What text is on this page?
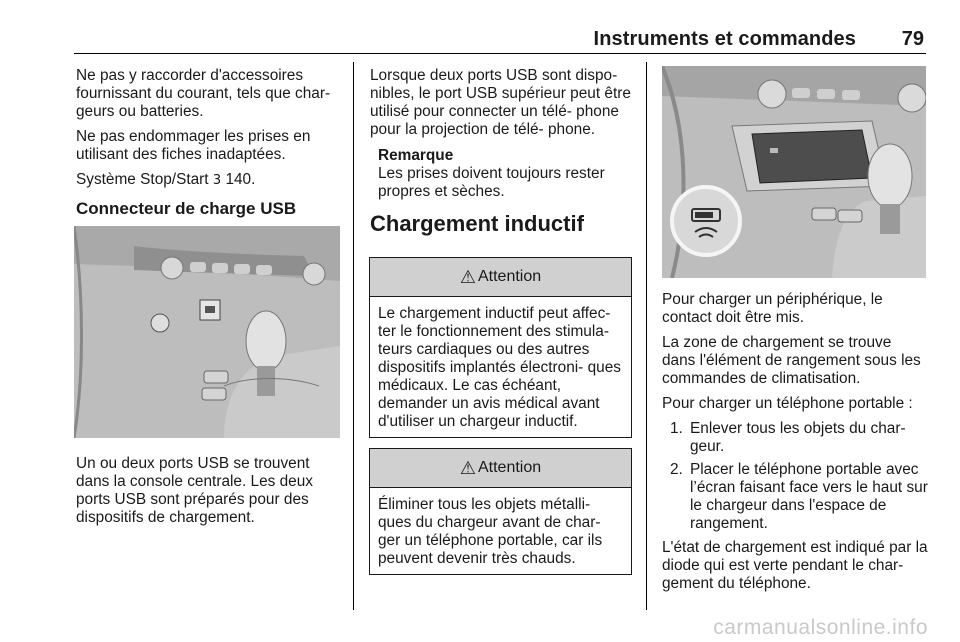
Instruments et commandes 79

Ne pas y raccorder d'accessoires fournissant du courant, tels que char- geurs ou batteries.

Ne pas endommager les prises en utilisant des fiches inadaptées.

Système Stop/Start 3 140.

Connecteur de charge USB

Un ou deux ports USB se trouvent dans la console centrale. Les deux ports USB sont préparés pour des dispositifs de chargement.

Lorsque deux ports USB sont dispo- nibles, le port USB supérieur peut être utilisé pour connecter un télé- phone pour la projection de télé- phone.

Remarque
Les prises doivent toujours rester propres et sèches.
Chargement inductif
⚠ Attention
Le chargement inductif peut affec- ter le fonctionnement des stimula- teurs cardiaques ou des autres dispositifs implantés électroni- ques médicaux. Le cas échéant, demander un avis médical avant d'utiliser un chargeur inductif.
⚠ Attention
Éliminer tous les objets métalli- ques du chargeur avant de char- ger un téléphone portable, car ils peuvent devenir très chauds.

Pour charger un périphérique, le contact doit être mis.

La zone de chargement se trouve dans l'élément de rangement sous les commandes de climatisation.

Pour charger un téléphone portable :

1. Enlever tous les objets du char- geur.
2. Placer le téléphone portable avec l’écran faisant face vers le haut sur le chargeur dans l'espace de rangement.

L'état de chargement est indiqué par la diode qui est verte pendant le char- gement du téléphone.

carmanualsonline.info
